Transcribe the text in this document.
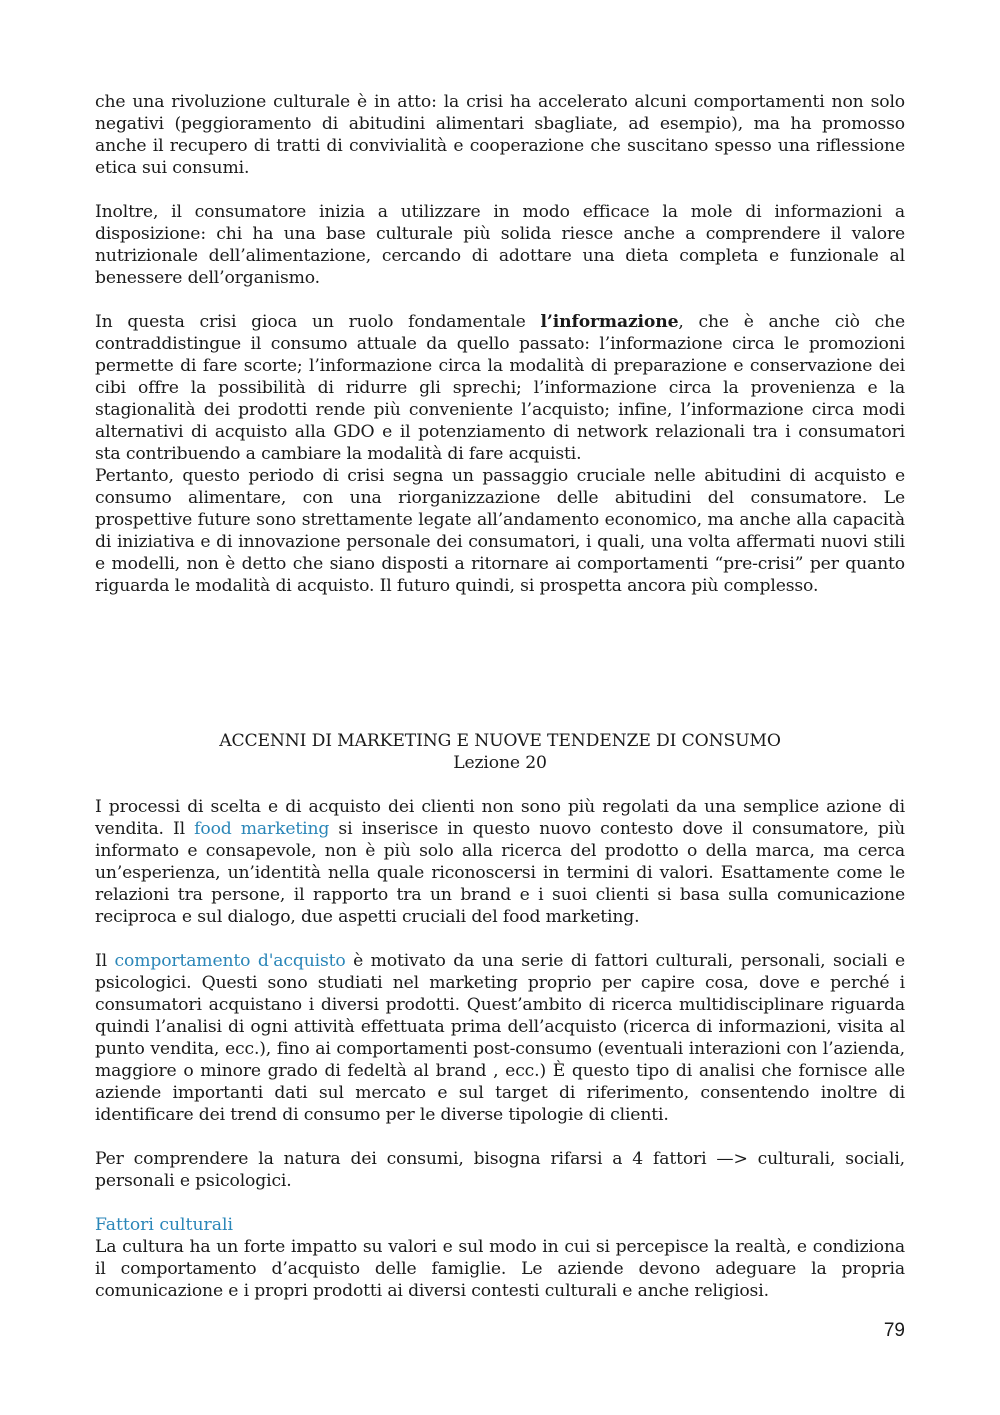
che una rivoluzione culturale è in atto: la crisi ha accelerato alcuni comportamenti non solo negativi (peggioramento di abitudini alimentari sbagliate, ad esempio), ma ha promosso anche il recupero di tratti di convivialità e cooperazione che suscitano spesso una riflessione etica sui consumi.

Inoltre, il consumatore inizia a utilizzare in modo efficace la mole di informazioni a disposizione: chi ha una base culturale più solida riesce anche a comprendere il valore nutrizionale dell’alimentazione, cercando di adottare una dieta completa e funzionale al benessere dell’organismo.

In questa crisi gioca un ruolo fondamentale l’informazione, che è anche ciò che contraddistingue il consumo attuale da quello passato: l’informazione circa le promozioni permette di fare scorte; l’informazione circa la modalità di preparazione e conservazione dei cibi offre la possibilità di ridurre gli sprechi; l’informazione circa la provenienza e la stagionalità dei prodotti rende più conveniente l’acquisto; infine, l’informazione circa modi alternativi di acquisto alla GDO e il potenziamento di network relazionali tra i consumatori sta contribuendo a cambiare la modalità di fare acquisti.

Pertanto, questo periodo di crisi segna un passaggio cruciale nelle abitudini di acquisto e consumo alimentare, con una riorganizzazione delle abitudini del consumatore. Le prospettive future sono strettamente legate all’andamento economico, ma anche alla capacità di iniziativa e di innovazione personale dei consumatori, i quali, una volta affermati nuovi stili e modelli, non è detto che siano disposti a ritornare ai comportamenti “pre-crisi” per quanto riguarda le modalità di acquisto. Il futuro quindi, si prospetta ancora più complesso.

ACCENNI DI MARKETING E NUOVE TENDENZE DI CONSUMO
Lezione 20

I processi di scelta e di acquisto dei clienti non sono più regolati da una semplice azione di vendita. Il food marketing si inserisce in questo nuovo contesto dove il consumatore, più informato e consapevole, non è più solo alla ricerca del prodotto o della marca, ma cerca un’esperienza, un’identità nella quale riconoscersi in termini di valori. Esattamente come le relazioni tra persone, il rapporto tra un brand e i suoi clienti si basa sulla comunicazione reciproca e sul dialogo, due aspetti cruciali del food marketing.

Il comportamento d'acquisto è motivato da una serie di fattori culturali, personali, sociali e psicologici. Questi sono studiati nel marketing proprio per capire cosa, dove e perché i consumatori acquistano i diversi prodotti. Quest’ambito di ricerca multidisciplinare riguarda quindi l’analisi di ogni attività effettuata prima dell’acquisto (ricerca di informazioni, visita al punto vendita, ecc.), fino ai comportamenti post-consumo (eventuali interazioni con l’azienda, maggiore o minore grado di fedeltà al brand , ecc.) È questo tipo di analisi che fornisce alle aziende importanti dati sul mercato e sul target di riferimento, consentendo inoltre di identificare dei trend di consumo per le diverse tipologie di clienti.

Per comprendere la natura dei consumi, bisogna rifarsi a 4 fattori —> culturali, sociali, personali e psicologici.

Fattori culturali

La cultura ha un forte impatto su valori e sul modo in cui si percepisce la realtà, e condiziona il comportamento d’acquisto delle famiglie. Le aziende devono adeguare la propria comunicazione e i propri prodotti ai diversi contesti culturali e anche religiosi.

79
